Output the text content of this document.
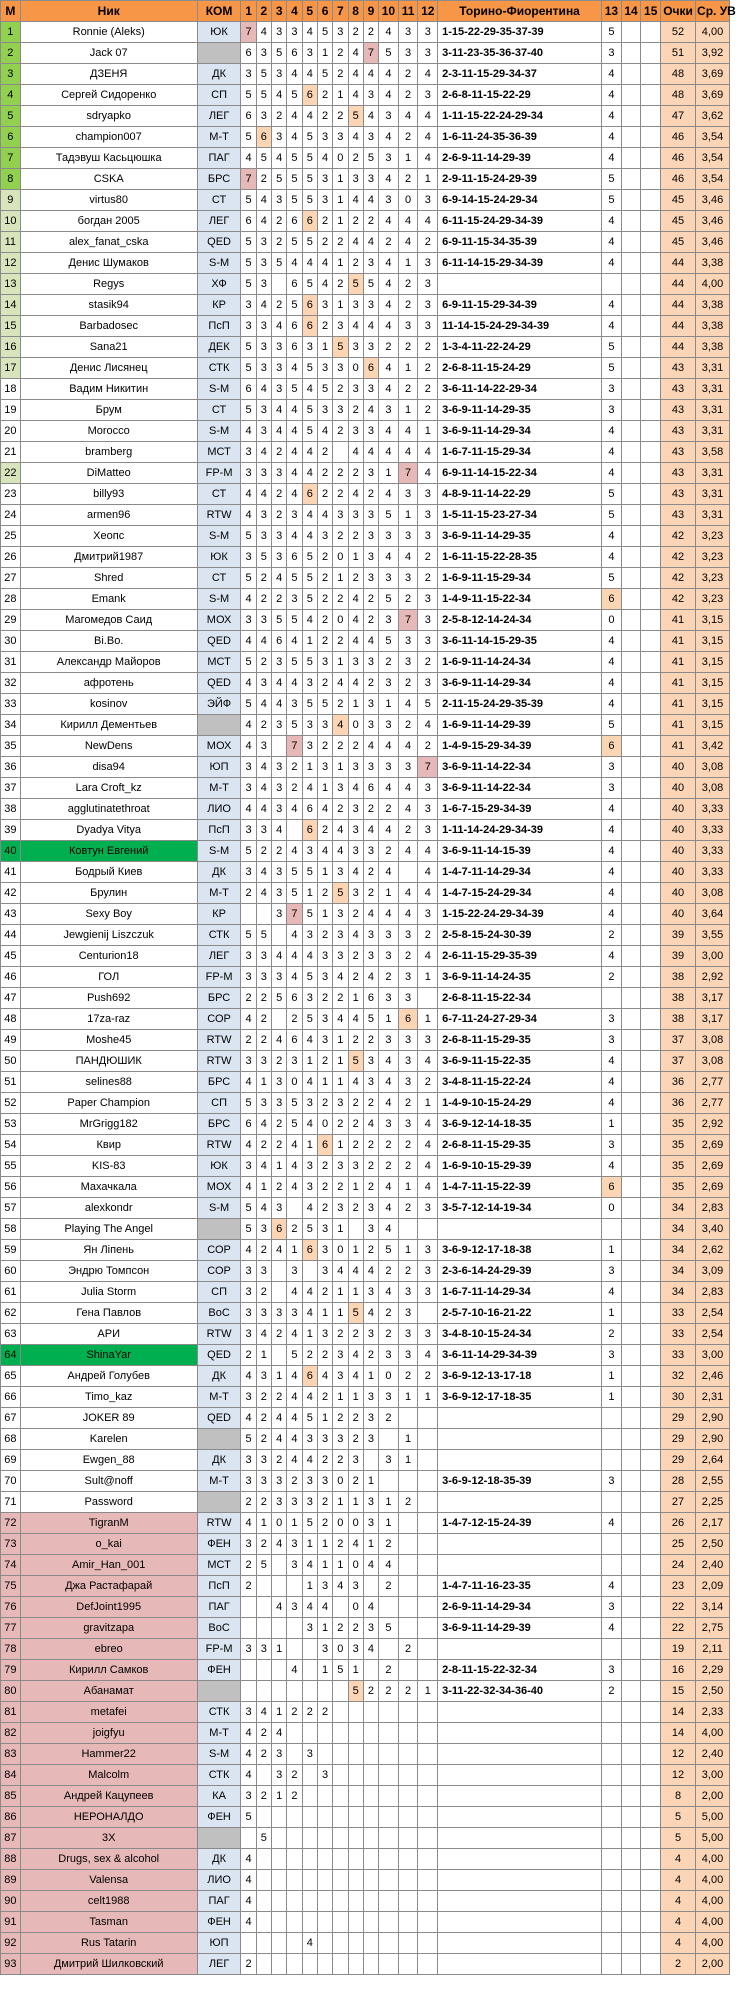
M	Ник	КОМ	1	2	3	4	5	6	7	8	9	10	11	12	Торино-Фиорентина	13	14	15	Очки	Ср. УВ
1	Ronnie (Aleks)	ЮК	7	4	3	3	4	5	3	2	2	4	3	3	1-15-22-29-35-37-39	5			52	4,00
2	Jack 07		6	3	5	6	3	1	2	4	7	5	3	3	3-11-23-35-36-37-40	3			51	3,92
3	ДЗЕНЯ	ДК	3	5	3	4	4	5	2	4	4	4	2	4	2-3-11-15-29-34-37	4			48	3,69
4	Сергей Сидоренко	СП	5	5	4	5	6	2	1	4	3	4	2	3	2-6-8-11-15-22-29	4			48	3,69
5	sdryapko	ЛЕГ	6	3	2	4	4	2	2	5	4	3	4	4	1-11-15-22-24-29-34	4			47	3,62
6	champion007	М-Т	5	6	3	4	5	3	3	4	3	4	2	4	1-6-11-24-35-36-39	4			46	3,54
7	Тадэвуш Касьцюшка	ПАГ	4	5	4	5	5	4	0	2	5	3	1	4	2-6-9-11-14-29-39	4			46	3,54
8	CSKA	БРС	7	2	5	5	5	3	1	3	3	4	2	1	2-9-11-15-24-29-39	5			46	3,54
9	virtus80	СТ	5	4	3	5	5	3	1	4	4	3	0	3	6-9-14-15-24-29-34	5			45	3,46
10	богдан 2005	ЛЕГ	6	4	2	6	6	2	1	2	2	4	4	4	6-11-15-24-29-34-39	4			45	3,46
11	alex_fanat_cska	QED	5	3	2	5	5	2	2	4	4	2	4	2	6-9-11-15-34-35-39	4			45	3,46
12	Денис Шумаков	S-M	5	3	5	4	4	4	1	2	3	4	1	3	6-11-14-15-29-34-39	4			44	3,38
13	Regys	ХФ	5	3		6	5	4	2	5	5	4	2	3					44	4,00
14	stasik94	КР	3	4	2	5	6	3	1	3	3	4	2	3	6-9-11-15-29-34-39	4			44	3,38
15	Barbadosec	ПсП	3	3	4	6	6	2	3	4	4	4	3	3	11-14-15-24-29-34-39	4			44	3,38
16	Sana21	ДЕК	5	3	3	6	3	1	5	3	3	2	2	2	1-3-4-11-22-24-29	5			44	3,38
17	Денис Лисянец	СТК	5	3	3	4	5	3	3	0	6	4	1	2	2-6-8-11-15-24-29	5			43	3,31
18	Вадим Никитин	S-M	6	4	3	5	4	5	2	3	3	4	2	2	3-6-11-14-22-29-34	3			43	3,31
19	Брум	СТ	5	3	4	4	5	3	3	2	4	3	1	2	3-6-9-11-14-29-35	3			43	3,31
20	Morocco	S-M	4	3	4	4	5	4	2	3	3	4	4	1	3-6-9-11-14-29-34	4			43	3,31
21	bramberg	МСТ	3	4	2	4	4	2		4	4	4	4	4	1-6-7-11-15-29-34	4			43	3,58
22	DiMatteo	FP-М	3	3	3	4	4	2	2	2	3	1	7	4	6-9-11-14-15-22-34	4			43	3,31
23	billy93	СТ	4	4	2	4	6	2	2	4	2	4	3	3	4-8-9-11-14-22-29	5			43	3,31
24	armen96	RTW	4	3	2	3	4	4	3	3	3	5	1	3	1-5-11-15-23-27-34	5			43	3,31
25	Хеопс	S-M	5	3	3	4	4	3	2	2	3	3	3	3	3-6-9-11-14-29-35	4			42	3,23
26	Дмитрий1987	ЮК	3	5	3	6	5	2	0	1	3	4	4	2	1-6-11-15-22-28-35	4			42	3,23
27	Shred	СТ	5	2	4	5	5	2	1	2	3	3	3	2	1-6-9-11-15-29-34	5			42	3,23
28	Emank	S-M	4	2	2	3	5	2	2	4	2	5	2	3	1-4-9-11-15-22-34	6			42	3,23
29	Магомедов Саид	МОХ	3	3	5	5	4	2	0	4	2	3	7	3	2-5-8-12-14-24-34	0			41	3,15
30	Bi.Bo.	QED	4	4	6	4	1	2	2	4	4	5	3	3	3-6-11-14-15-29-35	4			41	3,15
31	Александр Майоров	МСТ	5	2	3	5	5	3	1	3	3	2	3	2	1-6-9-11-14-24-34	4			41	3,15
32	афротень	QED	4	3	4	4	3	2	4	4	2	3	2	3	3-6-9-11-14-29-34	4			41	3,15
33	kosinov	ЭЙФ	5	4	4	3	5	5	2	1	3	1	4	5	2-11-15-24-29-35-39	4			41	3,15
34	Кирилл Дементьев		4	2	3	5	3	3	4	0	3	3	2	4	1-6-9-11-14-29-39	5			41	3,15
35	NewDens	МОХ	4	3		7	3	2	2	2	4	4	4	2	1-4-9-15-29-34-39	6			41	3,42
36	disa94	ЮП	3	4	3	2	1	3	1	3	3	3	3	7	3-6-9-11-14-22-34	3			40	3,08
37	Lara Croft_kz	М-Т	3	4	3	2	4	1	3	4	6	4	4	3	3-6-9-11-14-22-34	3			40	3,08
38	agglutinatethroat	ЛИО	4	4	3	4	6	4	2	3	2	2	4	3	1-6-7-15-29-34-39	4			40	3,33
39	Dyadya Vitya	ПсП	3	3	4		6	2	4	3	4	4	2	3	1-11-14-24-29-34-39	4			40	3,33
40	Ковтун Евгений	S-M	5	2	2	4	3	4	4	3	3	2	4	4	3-6-9-11-14-15-39	4			40	3,33
41	Бодрый Киев	ДК	3	4	3	5	5	1	3	4	2	4		4	1-4-7-11-14-29-34	4			40	3,33
42	Брулин	М-Т	2	4	3	5	1	2	5	3	2	1	4	4	1-4-7-15-24-29-34	4			40	3,08
43	Sexy Boy	КР			3	7	5	1	3	2	4	4	4	3	1-15-22-24-29-34-39	4			40	3,64
44	Jewgienij Liszczuk	СТК	5	5		4	3	2	3	4	3	3	3	2	2-5-8-15-24-30-39	2			39	3,55
45	Centurion18	ЛЕГ	3	3	4	4	4	3	3	2	3	3	2	4	2-6-11-15-29-35-39	4			39	3,00
46	ГОЛ	FP-М	3	3	3	4	5	3	4	2	4	2	3	1	3-6-9-11-14-24-35	2			38	2,92
47	Push692	БРС	2	2	5	6	3	2	2	1	6	3	3		2-6-8-11-15-22-34				38	3,17
48	17za-raz	СОР	4	2		2	5	3	4	4	5	1	6	1	6-7-11-24-27-29-34	3			38	3,17
49	Moshe45	RTW	2	2	4	6	4	3	1	2	2	3	3	3	2-6-8-11-15-29-35	3			37	3,08
50	ПАНДЮШИК	RTW	3	3	2	3	1	2	1	5	3	4	3	4	3-6-9-11-15-22-35	4			37	3,08
51	selines88	БРС	4	1	3	0	4	1	1	4	3	4	3	2	3-4-8-11-15-22-24	4			36	2,77
52	Paper Champion	СП	5	3	3	5	3	2	3	2	2	4	2	1	1-4-9-10-15-24-29	4			36	2,77
53	MrGrigg182	БРС	6	4	2	5	4	0	2	2	4	3	3	4	3-6-9-12-14-18-35	1			35	2,92
54	Квир	RTW	4	2	2	4	1	6	1	2	2	2	2	4	2-6-8-11-15-29-35	3			35	2,69
55	KIS-83	ЮК	3	4	1	4	3	2	3	3	2	2	2	4	1-6-9-10-15-29-39	4			35	2,69
56	Махачкала	МОХ	4	1	2	4	3	2	2	1	2	4	1	4	1-4-7-11-15-22-39	6			35	2,69
57	alexkondr	S-M	5	4	3		4	2	3	2	3	4	2	3	3-5-7-12-14-19-34	0			34	2,83
58	Playing The Angel		5	3	6	2	5	3	1		3	4							34	3,40
59	Ян Ліпень	СОР	4	2	4	1	6	3	0	1	2	5	1	3	3-6-9-12-17-18-38	1			34	2,62
60	Эндрю Томпсон	СОР	3	3		3		3	4	4	4	2	2	3	2-3-6-14-24-29-39	3			34	3,09
61	Julia Storm	СП	3	2		4	4	2	1	1	3	4	3	3	1-6-7-11-14-29-34	4			34	2,83
62	Гена Павлов	ВоС	3	3	3	3	4	1	1	5	4	2	3		2-5-7-10-16-21-22	1			33	2,54
63	АРИ	RTW	3	4	2	4	1	3	2	2	3	2	3	3	3-4-8-10-15-24-34	2			33	2,54
64	ShinaYar	QED	2	1		5	2	2	3	4	2	3	3	4	3-6-11-14-29-34-39	3			33	3,00
65	Андрей Голубев	ДК	4	3	1	4	6	4	3	4	1	0	2	2	3-6-9-12-13-17-18	1			32	2,46
66	Timo_kaz	М-Т	3	2	2	4	4	2	1	1	3	3	1	1	3-6-9-12-17-18-35	1			30	2,31
67	JOKER 89	QED	4	2	4	4	5	1	2	2	3	2							29	2,90
68	Karelen		5	2	4	4	3	3	3	2	3		1						29	2,90
69	Ewgen_88	ДК	3	3	2	4	4	2	2	3		3	1						29	2,64
70	Sult@noff	М-Т	3	3	3	2	3	3	0	2	1				3-6-9-12-18-35-39	3			28	2,55
71	Password		2	2	3	3	3	2	1	1	3	1	2						27	2,25
72	TigranM	RTW	4	1	0	1	5	2	0	0	3	1			1-4-7-12-15-24-39	4			26	2,17
73	o_kai	ФЕН	3	2	4	3	1	1	2	4	1	2							25	2,50
74	Amir_Han_001	МСТ	2	5		3	4	1	1	0	4	4							24	2,40
75	Джа Растафарай	ПсП	2				1	3	4	3		2			1-4-7-11-16-23-35	4			23	2,09
76	DefJoint1995	ПАГ			4	3	4	4		0	4				2-6-9-11-14-29-34	3			22	3,14
77	gravitzapa	ВоС					3	1	2	2	3	5			3-6-9-11-14-29-39	4			22	2,75
78	ebreo	FP-М	3	3	1			3	0	3	4		2						19	2,11
79	Кирилл Самков	ФЕН				4		1	5	1		2			2-8-11-15-22-32-34	3			16	2,29
80	Абанамат									5	2	2	2	1	3-11-22-32-34-36-40	2			15	2,50
81	metafei	СТК	3	4	1	2	2	2											14	2,33
82	joigfyu	М-Т	4	2	4														14	4,00
83	Hammer22	S-M	4	2	3		3												12	2,40
84	Malcolm	СТК	4		3	2		3											12	3,00
85	Андрей Кацупеев	КА	3	2	1	2													8	2,00
86	НЕРОНАЛДО	ФЕН	5																5	5,00
87	3X			5															5	5,00
88	Drugs, sex & alcohol	ДК	4																4	4,00
89	Valensa	ЛИО	4																4	4,00
90	celt1988	ПАГ	4																4	4,00
91	Tasman	ФЕН	4																4	4,00
92	Rus Tatarin	ЮП					4												4	4,00
93	Дмитрий Шилковский	ЛЕГ	2																2	2,00
